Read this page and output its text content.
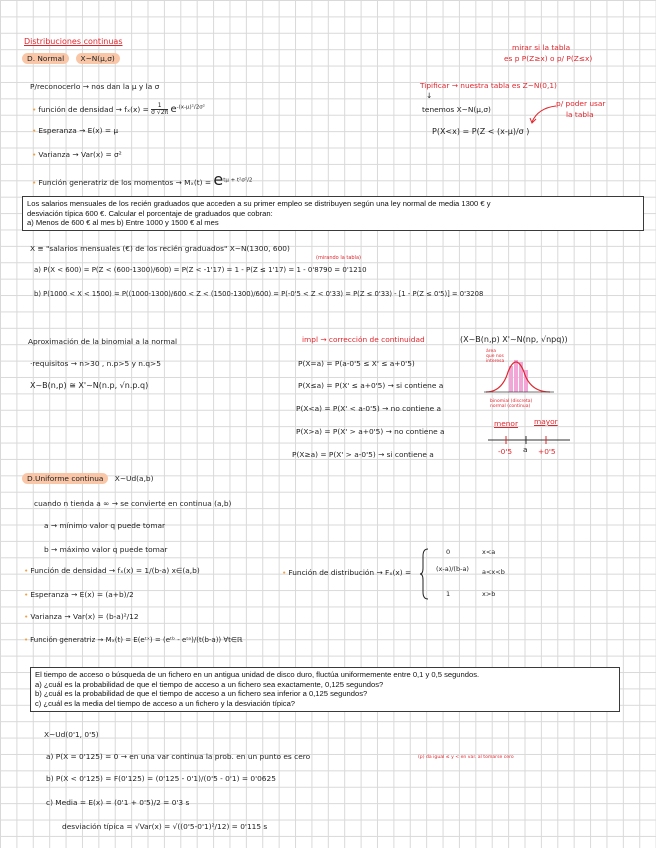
Distribuciones continuas
D. Normal X~N(μ,σ)
P/reconocerlo → nos dan la μ y la σ
• función de densidad → $f_x(x) = \frac{1}{\sigma √2\pi} e^{-(x-\mu)^2/2\sigma^2}$
• Esperanza → E(x) = μ
• Varianza → Var(x) = σ²
• Función generatriz de los momentos → $M_x(t) = e^{t\mu + t^2\sigma^2/2}$
mirar si la tabla
es p P(Z≥x) o p/ P(Z≤x)
Tipificar → nuestra tabla es Z~N(0,1)
↓
tenemos X~N(μ,σ)
P(X<x) = P(Z < (x-μ)/σ )
p/ poder usar
la tabla
Los salarios mensuales de los recién graduados que acceden a su primer empleo se distribuyen según una ley normal de media 1300 € y
desviación típica 600 €. Calcular el porcentaje de graduados que cobran:
a) Menos de 600 € al mes b) Entre 1000 y 1500 € al mes
X ≡ "salarios mensuales (€) de los recién graduados" X~N(1300, 600)
(mirando la tabla)
a) P(X < 600) = P(Z < (600-1300)/600) = P(Z < -1'17) = 1 - P(Z ≤ 1'17) = 1 - 0'8790 = 0'1210
b) P(1000 < X < 1500) = P((1000-1300)/600 < Z < (1500-1300)/600) = P(-0'5 < Z < 0'33) = P(Z ≤ 0'33) - [1 - P(Z ≤ 0'5)] = 0'3208
Aproximación de la binomial a la normal
·requisitos → n>30 , n.p>5 y n.q>5
X~B(n,p) ≅ X'~N(n.p, √n.p.q)
impl → corrección de continuidad	(X~B(n,p) X'~N(np, √npq))
P(X=a) = P(a-0'5 ≤ X' ≤ a+0'5)
P(X≤a) = P(X' ≤ a+0'5) → si contiene a
P(X<a) = P(X' < a-0'5) → no contiene a
P(X>a) = P(X' > a+0'5) → no contiene a
P(X≥a) = P(X' > a-0'5) → si contiene a
área
que nos
interesa
binomial (discreta)
normal (continua)
menor mayor
-0'5 a +0'5
D.Uniforme continua X~Ud(a,b)
cuando n tienda a ∞ → se convierte en continua (a,b)
a → mínimo valor q puede tomar
b → máximo valor q puede tomar
• Función de densidad → fₓ(x) = 1/(b-a) x∈(a,b)
• Esperanza → E(x) = (a+b)/2
• Varianza → Var(x) = (b-a)²/12
• Función generatriz → Mₓ(t) = E(eᵗˣ) = (eᵗᵇ - eᵗᵃ)/(t(b-a)) ∀t∈ℝ
• Función de distribución → Fₓ(x) =
0	x<a
(x-a)/(b-a) a<x<b
1	x>b
El tiempo de acceso o búsqueda de un fichero en un antigua unidad de disco duro, fluctúa uniformemente entre 0,1 y 0,5 segundos.
a) ¿cuál es la probabilidad de que el tiempo de acceso a un fichero sea exactamente, 0,125 segundos?
b) ¿cuál es la probabilidad de que el tiempo de acceso a un fichero sea inferior a 0,125 segundos?
c) ¿cuál es la media del tiempo de acceso a un fichero y la desviación típica?
X~Ud(0'1, 0'5)
a) P(X = 0'125) = 0 → en una var continua la prob. en un punto es cero	(p) da igual ≤ y < en var. al tomarse cero
b) P(X < 0'125) = F(0'125) = (0'125 - 0'1)/(0'5 - 0'1) = 0'0625
c) Media = E(x) = (0'1 + 0'5)/2 = 0'3 s
desviación típica = √Var(x) = √((0'5-0'1)²/12) = 0'115 s
